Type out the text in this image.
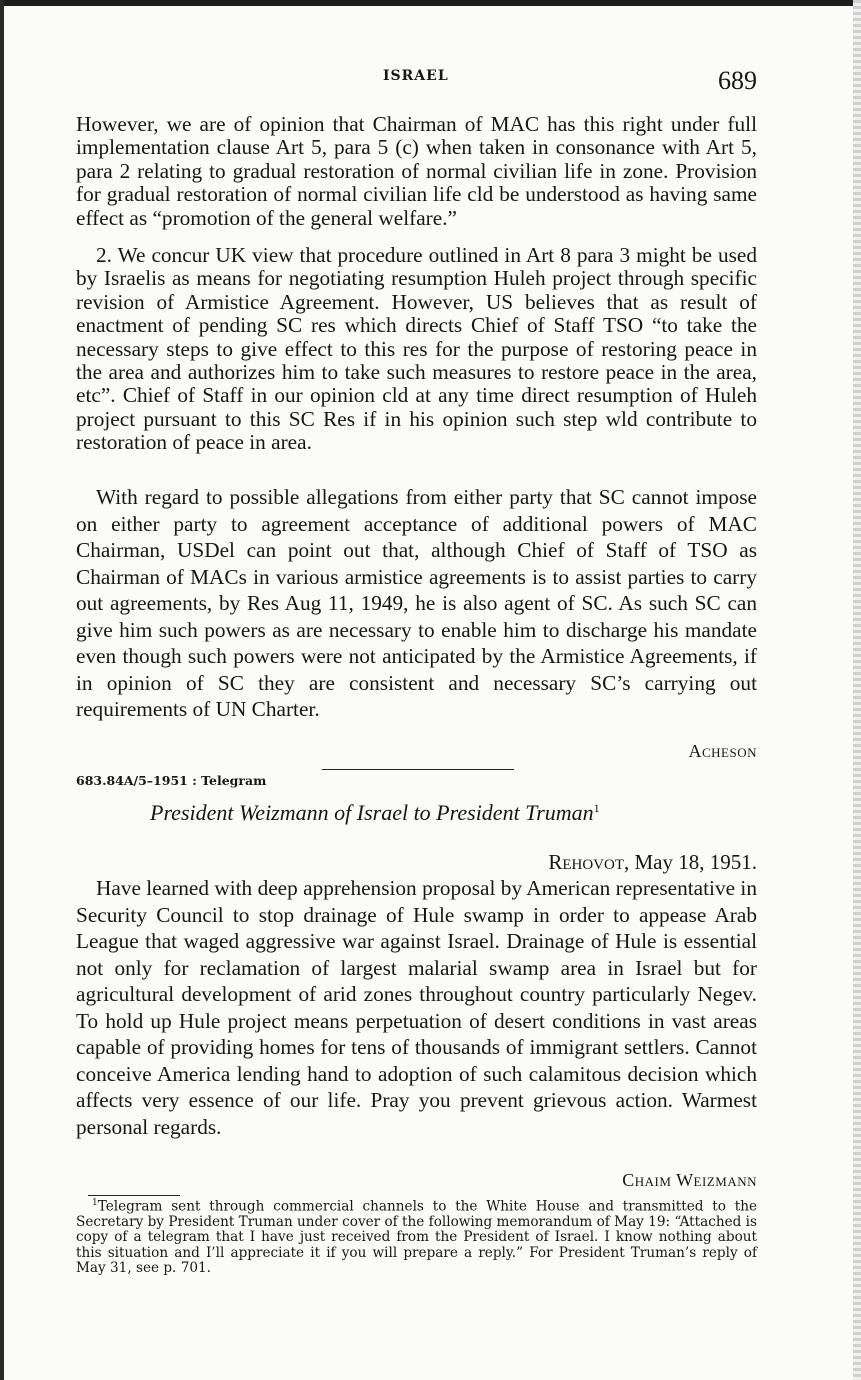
ISRAEL	689

However, we are of opinion that Chairman of MAC has this right under full implementation clause Art 5, para 5 (c) when taken in consonance with Art 5, para 2 relating to gradual restoration of normal civilian life in zone. Provision for gradual restoration of normal civilian life cld be understood as having same effect as “promotion of the general welfare.”

2. We concur UK view that procedure outlined in Art 8 para 3 might be used by Israelis as means for negotiating resumption Huleh project through specific revision of Armistice Agreement. However, US believes that as result of enactment of pending SC res which directs Chief of Staff TSO “to take the necessary steps to give effect to this res for the purpose of restoring peace in the area and authorizes him to take such measures to restore peace in the area, etc”. Chief of Staff in our opinion cld at any time direct resumption of Huleh project pursuant to this SC Res if in his opinion such step wld contribute to restoration of peace in area.

With regard to possible allegations from either party that SC cannot impose on either party to agreement acceptance of additional powers of MAC Chairman, USDel can point out that, although Chief of Staff of TSO as Chairman of MACs in various armistice agreements is to assist parties to carry out agreements, by Res Aug 11, 1949, he is also agent of SC. As such SC can give him such powers as are necessary to enable him to discharge his mandate even though such powers were not anticipated by the Armistice Agreements, if in opinion of SC they are consistent and necessary SC’s carrying out requirements of UN Charter.

Acheson
683.84A/5–1951 : Telegram
President Weizmann of Israel to President Truman$^1$
Rehovot, May 18, 1951.

Have learned with deep apprehension proposal by American representative in Security Council to stop drainage of Hule swamp in order to appease Arab League that waged aggressive war against Israel. Drainage of Hule is essential not only for reclamation of largest malarial swamp area in Israel but for agricultural development of arid zones throughout country particularly Negev. To hold up Hule project means perpetuation of desert conditions in vast areas capable of providing homes for tens of thousands of immigrant settlers. Cannot conceive America lending hand to adoption of such calamitous decision which affects very essence of our life. Pray you prevent grievous action. Warmest personal regards.

Chaim Weizmann

$^1$Telegram sent through commercial channels to the White House and transmitted to the Secretary by President Truman under cover of the following memorandum of May 19: “Attached is copy of a telegram that I have just received from the President of Israel. I know nothing about this situation and I’ll appreciate it if you will prepare a reply.” For President Truman’s reply of May 31, see p. 701.
